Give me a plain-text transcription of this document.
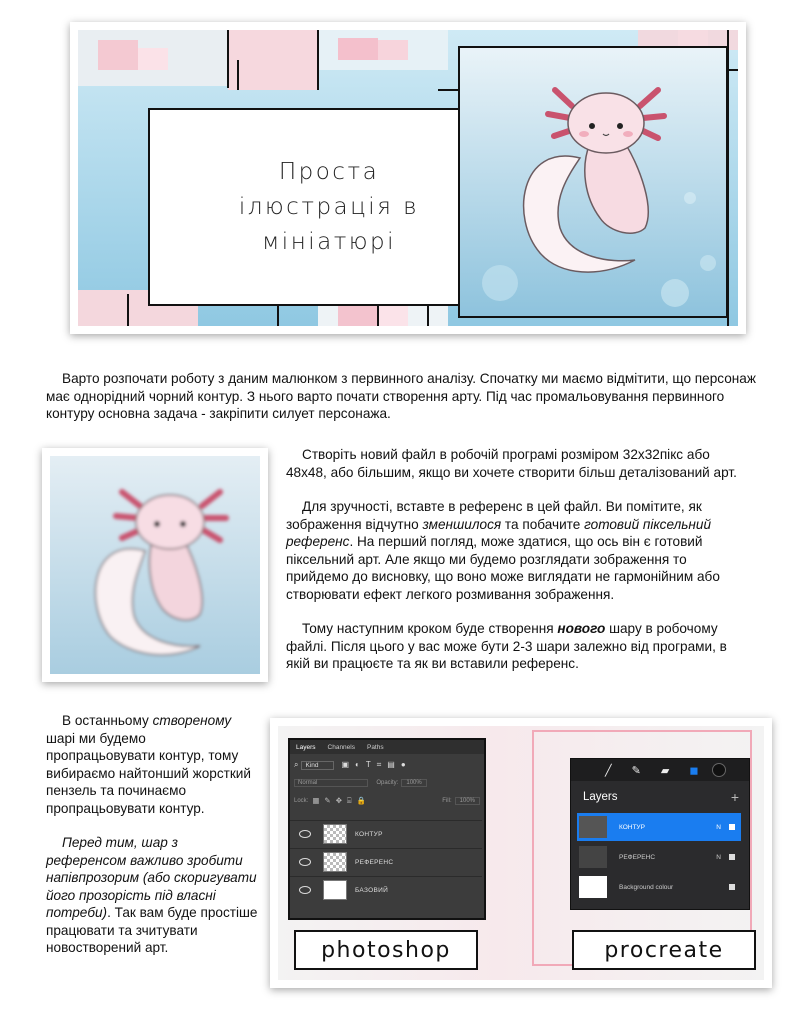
Проста
ілюстрація в
мініатюрі

Варто розпочати роботу з даним малюнком з первинного аналізу. Спочатку ми маємо відмітити, що персонаж має однорідний чорний контур. З нього варто почати створення арту. Під час промальовування первинного контуру основна задача - закріпити силует персонажа.

Створіть новий файл в робочій програмі розміром 32x32пікс або 48x48, або більшим, якщо ви хочете створити більш деталізований арт.

Для зручності, вставте в референс в цей файл. Ви помітите, як зображення відчутно зменшилося та побачите готовий піксельний референс. На перший погляд, може здатися, що ось він є готовий піксельний арт. Але якщо ми будемо розглядати зображення то прийдемо до висновку, що воно може виглядати не гармонійним або створювати ефект легкого розмивання зображення.

Тому наступним кроком буде створення нового шару в робочому файлі. Після цього у вас може бути 2-3 шари залежно від програми, в якій ви працюєте та як ви вставили референс.

В останньому створеному шарі ми будемо пропрацьовувати контур, тому вибираємо найтонший жорсткий пензель та починаємо пропрацьовувати контур.

Перед тим, шар з референсом важливо зробити напівпрозорим (або скоригувати його прозорість під власні потреби). Так вам буде простіше працювати та зчитувати новостворений арт.

Layers	Channels	Paths
⌕	Kind	▣◐T⌗▤●
Normal	Opacity:	100%
Lock: ▦✎✥⌸🔒	Fill:	100%
КОНТУР
РЕФЕРЕНС
БАЗОВИЙ
╱ ✎ ▰ ◼
Layers	+
КОНТУР	N
РЕФЕРЕНС	N
Background colour
photoshop	procreate
